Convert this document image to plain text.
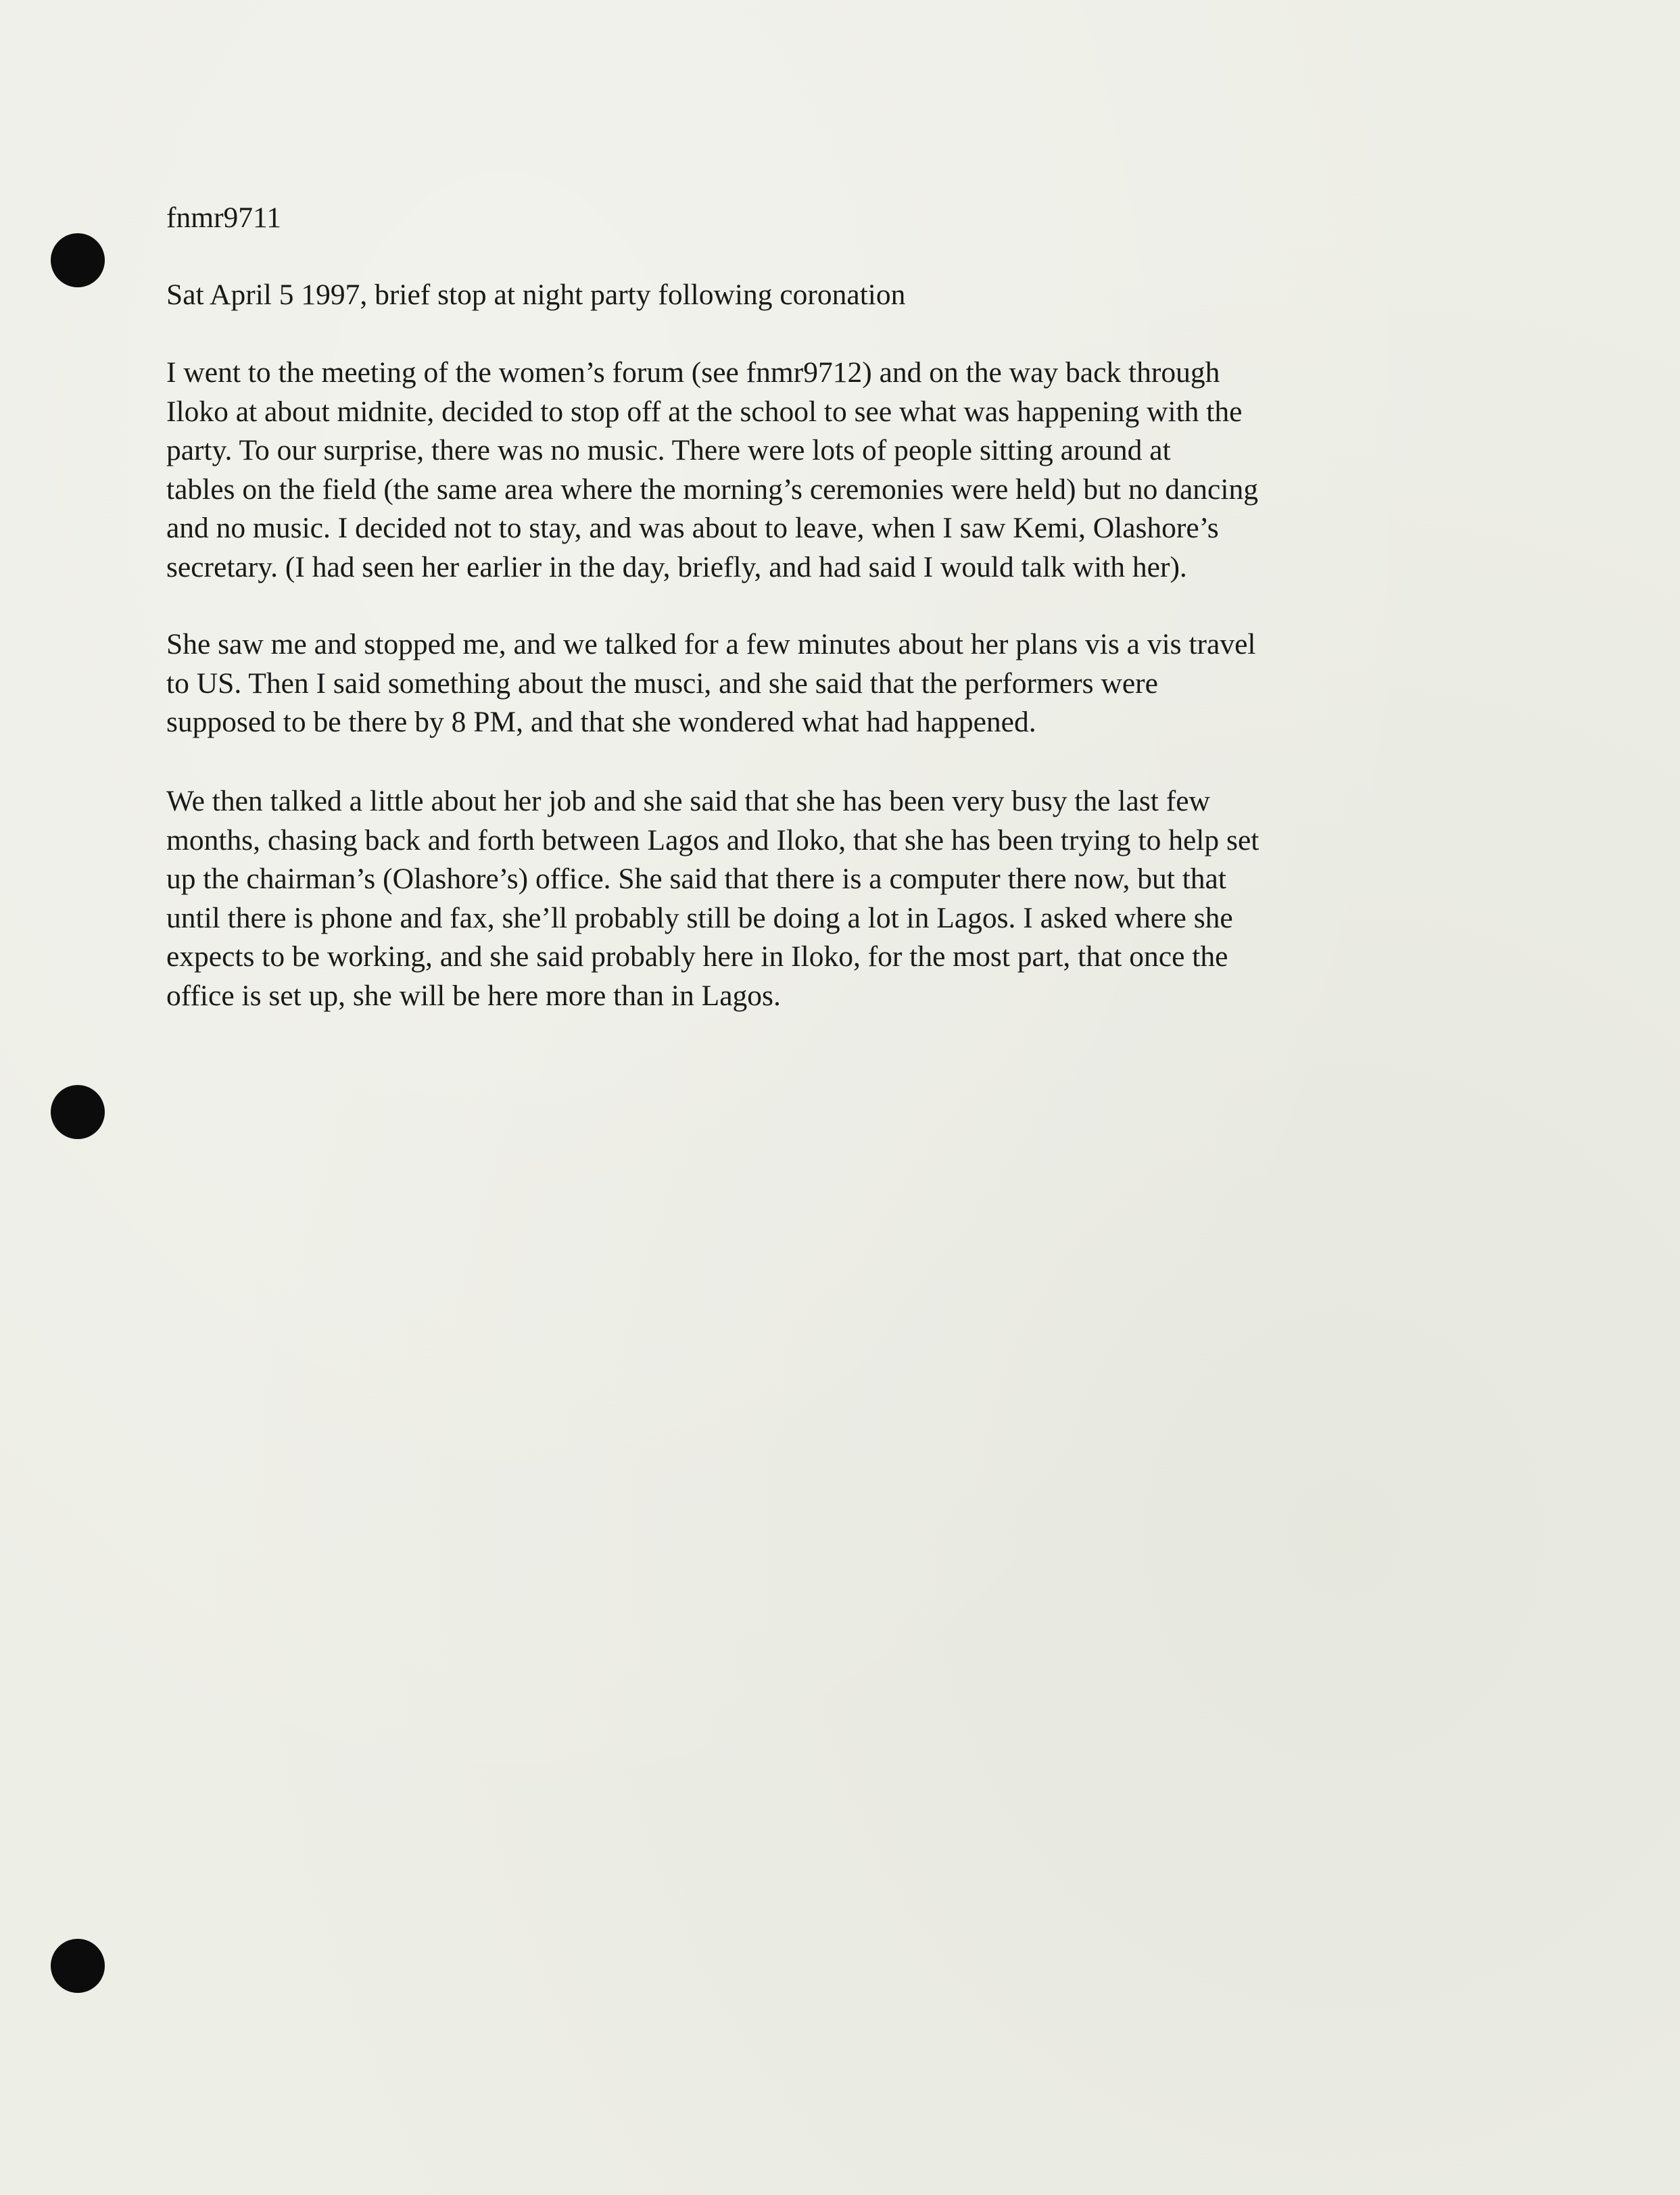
fnmr9711
Sat April 5 1997, brief stop at night party following coronation
I went to the meeting of the women’s forum (see fnmr9712) and on the way back through
Iloko at about midnite, decided to stop off at the school to see what was happening with the
party. To our surprise, there was no music. There were lots of people sitting around at
tables on the field (the same area where the morning’s ceremonies were held) but no dancing
and no music. I decided not to stay, and was about to leave, when I saw Kemi, Olashore’s
secretary. (I had seen her earlier in the day, briefly, and had said I would talk with her).
She saw me and stopped me, and we talked for a few minutes about her plans vis a vis travel
to US. Then I said something about the musci, and she said that the performers were
supposed to be there by 8 PM, and that she wondered what had happened.
We then talked a little about her job and she said that she has been very busy the last few
months, chasing back and forth between Lagos and Iloko, that she has been trying to help set
up the chairman’s (Olashore’s) office. She said that there is a computer there now, but that
until there is phone and fax, she’ll probably still be doing a lot in Lagos. I asked where she
expects to be working, and she said probably here in Iloko, for the most part, that once the
office is set up, she will be here more than in Lagos.
